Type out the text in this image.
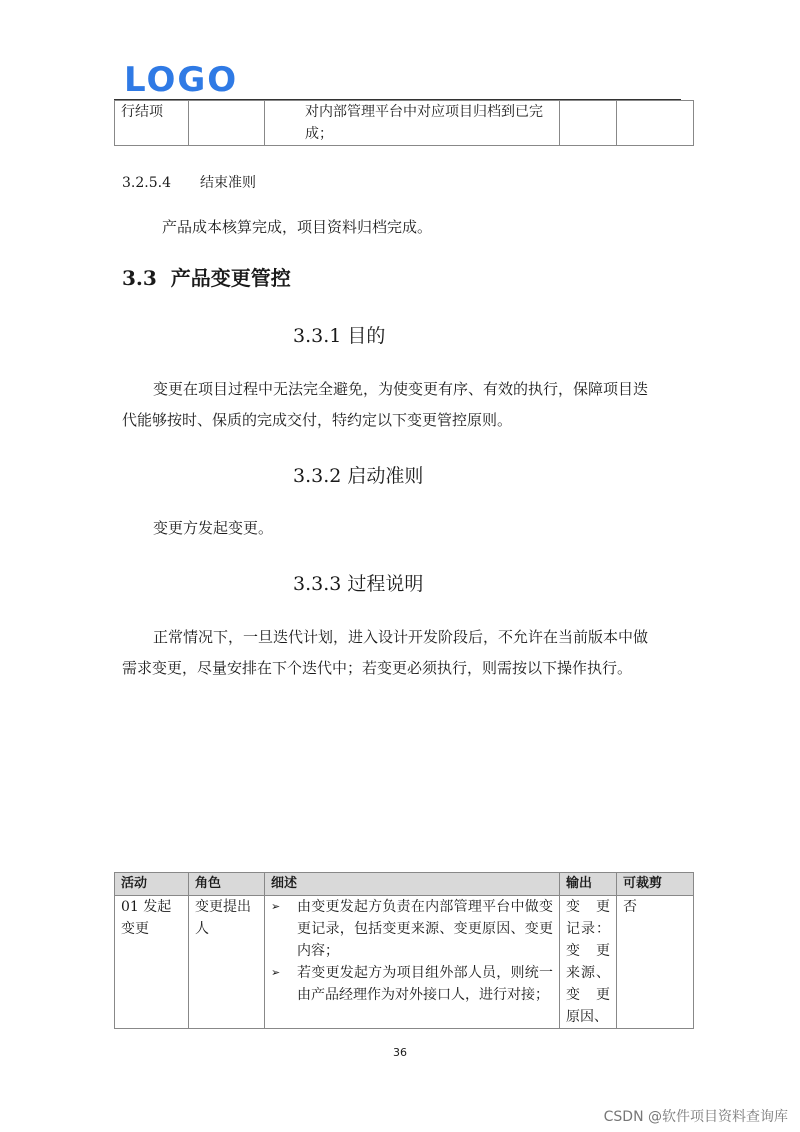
LOGO
行结项		对内部管理平台中对应项目归档到已完成；		
3.2.5.4 结束准则
产品成本核算完成，项目资料归档完成。
3.3 产品变更管控
3.3.1 目的
变更在项目过程中无法完全避免，为使变更有序、有效的执行，保障项目迭
代能够按时、保质的完成交付，特约定以下变更管控原则。
3.3.2 启动准则
变更方发起变更。
3.3.3 过程说明
正常情况下，一旦迭代计划，进入设计开发阶段后，不允许在当前版本中做
需求变更，尽量安排在下个迭代中；若变更必须执行，则需按以下操作执行。
活动	角色	细述	输出	可裁剪
01 发起变更	变更提出人	➢ 由变更发起方负责在内部管理平台中做变更记录，包括变更来源、变更原因、变更内容；
➢ 若变更发起方为项目组外部人员，则统一由产品经理作为对外接口人，进行对接；	变 更 记录：变 更 来源、变 更 原因、	否
36
CSDN @软件项目资料查询库
